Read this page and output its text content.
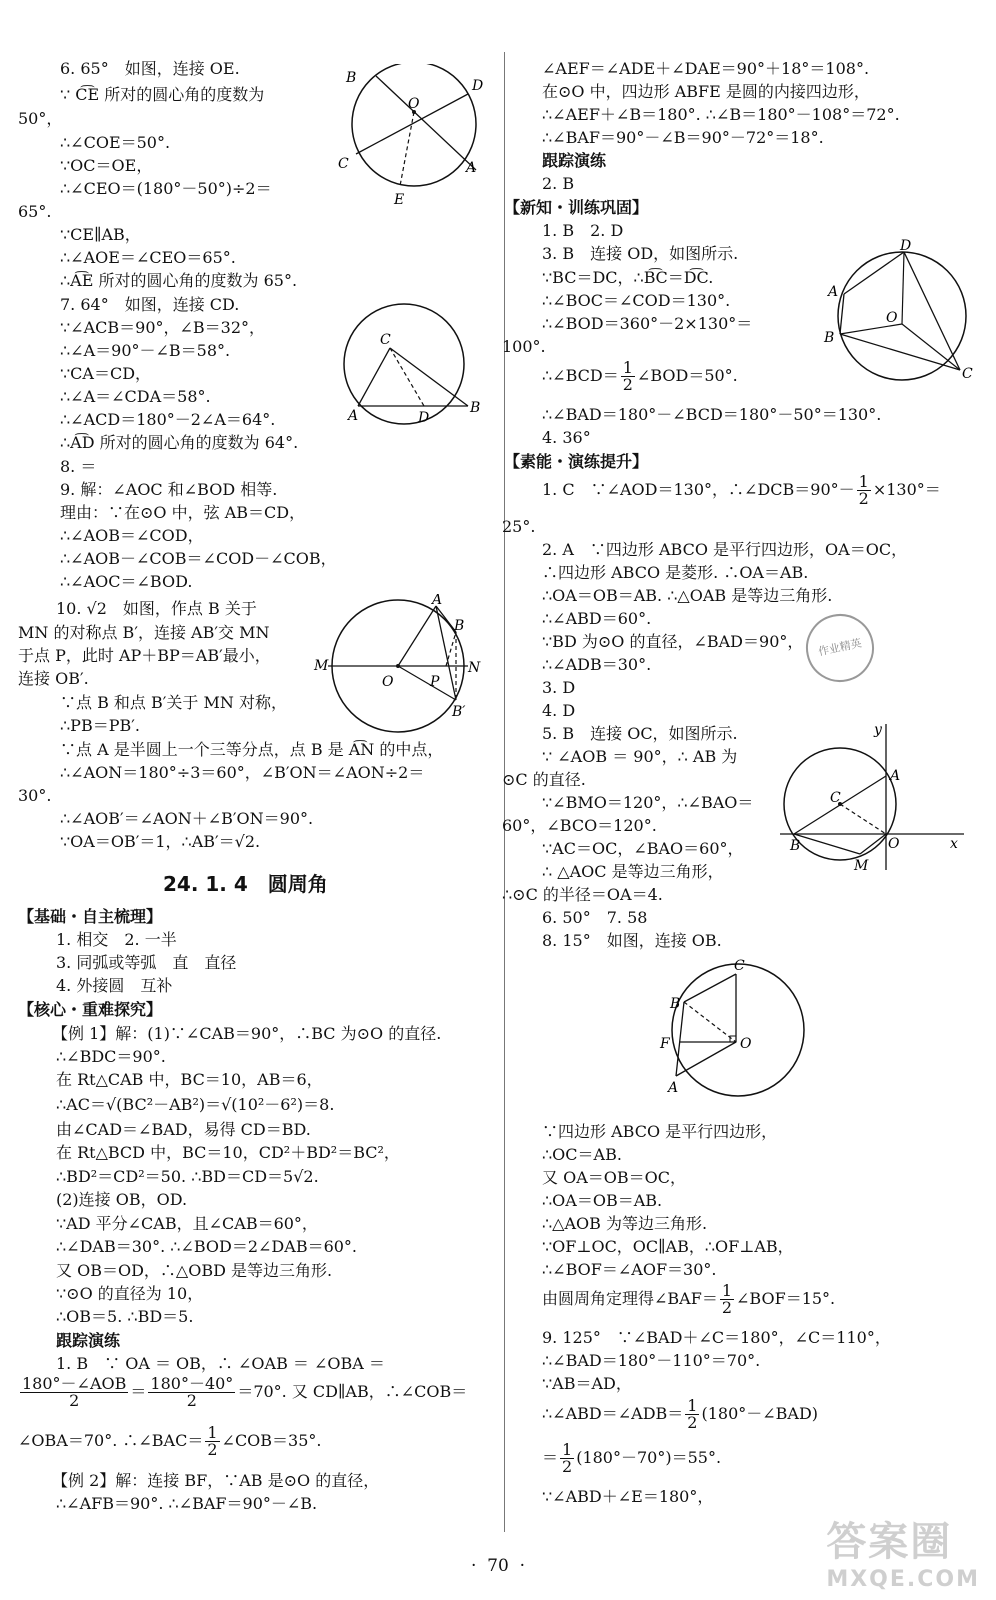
6. 65°　如图，连接 OE.
∵ C͡E 所对的圆心角的度数为
50°，
∴∠COE＝50°.
∵OC＝OE，
∴∠CEO＝(180°－50°)÷2＝
65°.
∵CE∥AB，
∴∠AOE＝∠CEO＝65°.
∴A͡E 所对的圆心角的度数为 65°.
7. 64°　如图，连接 CD.
∵∠ACB＝90°，∠B＝32°，
∴∠A＝90°－∠B＝58°.
∵CA＝CD，
∴∠A＝∠CDA＝58°.
∴∠ACD＝180°－2∠A＝64°.
∴A͡D 所对的圆心角的度数为 64°.
8. ＝
9. 解：∠AOC 和∠BOD 相等.
理由：∵在⊙O 中，弦 AB＝CD，
∴∠AOB＝∠COD，
∴∠AOB－∠COB＝∠COD－∠COB，
∴∠AOC＝∠BOD.
10. √2　如图，作点 B 关于
MN 的对称点 B′，连接 AB′交 MN
于点 P，此时 AP＋BP＝AB′最小，
连接 OB′.
∵点 B 和点 B′关于 MN 对称，
∴PB＝PB′.
∵点 A 是半圆上一个三等分点，点 B 是 A͡N 的中点，
∴∠AON＝180°÷3＝60°，∠B′ON＝∠AON÷2＝
30°.
∴∠AOB′＝∠AON＋∠B′ON＝90°.
∵OA＝OB′＝1，∴AB′＝√2.
24. 1. 4　圆周角
【基础・自主梳理】
1. 相交　2. 一半
3. 同弧或等弧　直　直径
4. 外接圆　互补
【核心・重难探究】
【例 1】解：(1)∵∠CAB＝90°，∴BC 为⊙O 的直径.
∴∠BDC＝90°.
在 Rt△CAB 中，BC＝10，AB＝6，
∴AC＝√(BC²－AB²)＝√(10²－6²)＝8.
由∠CAD＝∠BAD，易得 CD＝BD.
在 Rt△BCD 中，BC＝10，CD²＋BD²＝BC²，
∴BD²＝CD²＝50. ∴BD＝CD＝5√2.
(2)连接 OB，OD.
∵AD 平分∠CAB，且∠CAB＝60°，
∴∠DAB＝30°. ∴∠BOD＝2∠DAB＝60°.
又 OB＝OD，∴△OBD 是等边三角形.
∵⊙O 的直径为 10，
∴OB＝5. ∴BD＝5.
跟踪演练
1. B　∵ OA ＝ OB，∴ ∠OAB ＝ ∠OBA ＝
$\frac{\text{180°－∠AOB}}{2} = \frac{180^\circ-40^\circ}{2} =70^\circ$. 又 CD∥AB，∴∠COB＝
∠OBA＝70°. ∴∠BAC＝ $\frac{1}{2}$ ∠COB＝35°.
【例 2】解：连接 BF，∵AB 是⊙O 的直径，
∴∠AFB＝90°. ∴∠BAF＝90°－∠B.
B	D
O
C	A
E
C
A	D
B
A
B
M	N
O	P
B′
∠AEF＝∠ADE＋∠DAE＝90°＋18°＝108°.
在⊙O 中，四边形 ABFE 是圆的内接四边形，
∴∠AEF＋∠B＝180°. ∴∠B＝180°－108°＝72°.
∴∠BAF＝90°－∠B＝90°－72°＝18°.
跟踪演练
2. B
【新知・训练巩固】
1. B　2. D
3. B　连接 OD，如图所示.
∵BC＝DC，∴B͡C＝D͡C.
∴∠BOC＝∠COD＝130°.
∴∠BOD＝360°－2×130°＝
100°.
∴∠BCD＝ $\frac{1}{2}$ ∠BOD＝50°.
∴∠BAD＝180°－∠BCD＝180°－50°＝130°.
4. 36°
【素能・演练提升】
1. C　∵∠AOD＝130°，∴∠DCB＝90°－ $\frac{1}{2} \times 130^\circ=$
25°.
2. A　∵四边形 ABCO 是平行四边形，OA＝OC，
∴四边形 ABCO 是菱形. ∴OA＝AB.
∴OA＝OB＝AB. ∴△OAB 是等边三角形.
∴∠ABD＝60°.
∵BD 为⊙O 的直径，∠BAD＝90°，
∴∠ADB＝30°.
3. D
4. D
5. B　连接 OC，如图所示.
∵ ∠AOB ＝ 90°，∴ AB 为
⊙C 的直径.
∵∠BMO＝120°，∴∠BAO＝
60°，∠BCO＝120°.
∵AC＝OC，∠BAO＝60°，
∴ △AOC 是等边三角形，
∴⊙C 的半径＝OA＝4.
6. 50°　7. 58
8. 15°　如图，连接 OB.
∵四边形 ABCO 是平行四边形，
∴OC＝AB.
又 OA＝OB＝OC，
∴OA＝OB＝AB.
∴△AOB 为等边三角形.
∵OF⊥OC，OC∥AB，∴OF⊥AB，
∴∠BOF＝∠AOF＝30°.
由圆周角定理得∠BAF＝ $\frac{1}{2}$ ∠BOF＝15°.
9. 125°　∵∠BAD＋∠C＝180°，∠C＝110°，
∴∠BAD＝180°－110°＝70°.
∵AB＝AD，
∴∠ABD＝∠ADB＝ $\frac{1}{2}$ (180°－∠BAD)
＝ $\frac{1}{2} (180^\circ-70^\circ)=55^\circ$.
∵∠ABD＋∠E＝180°，
D
A
B
O
C
y
A
C
B	O
M
x
C
B
F	O
A
作业精英
·  70  ·
答案圈
MXQE.COM
